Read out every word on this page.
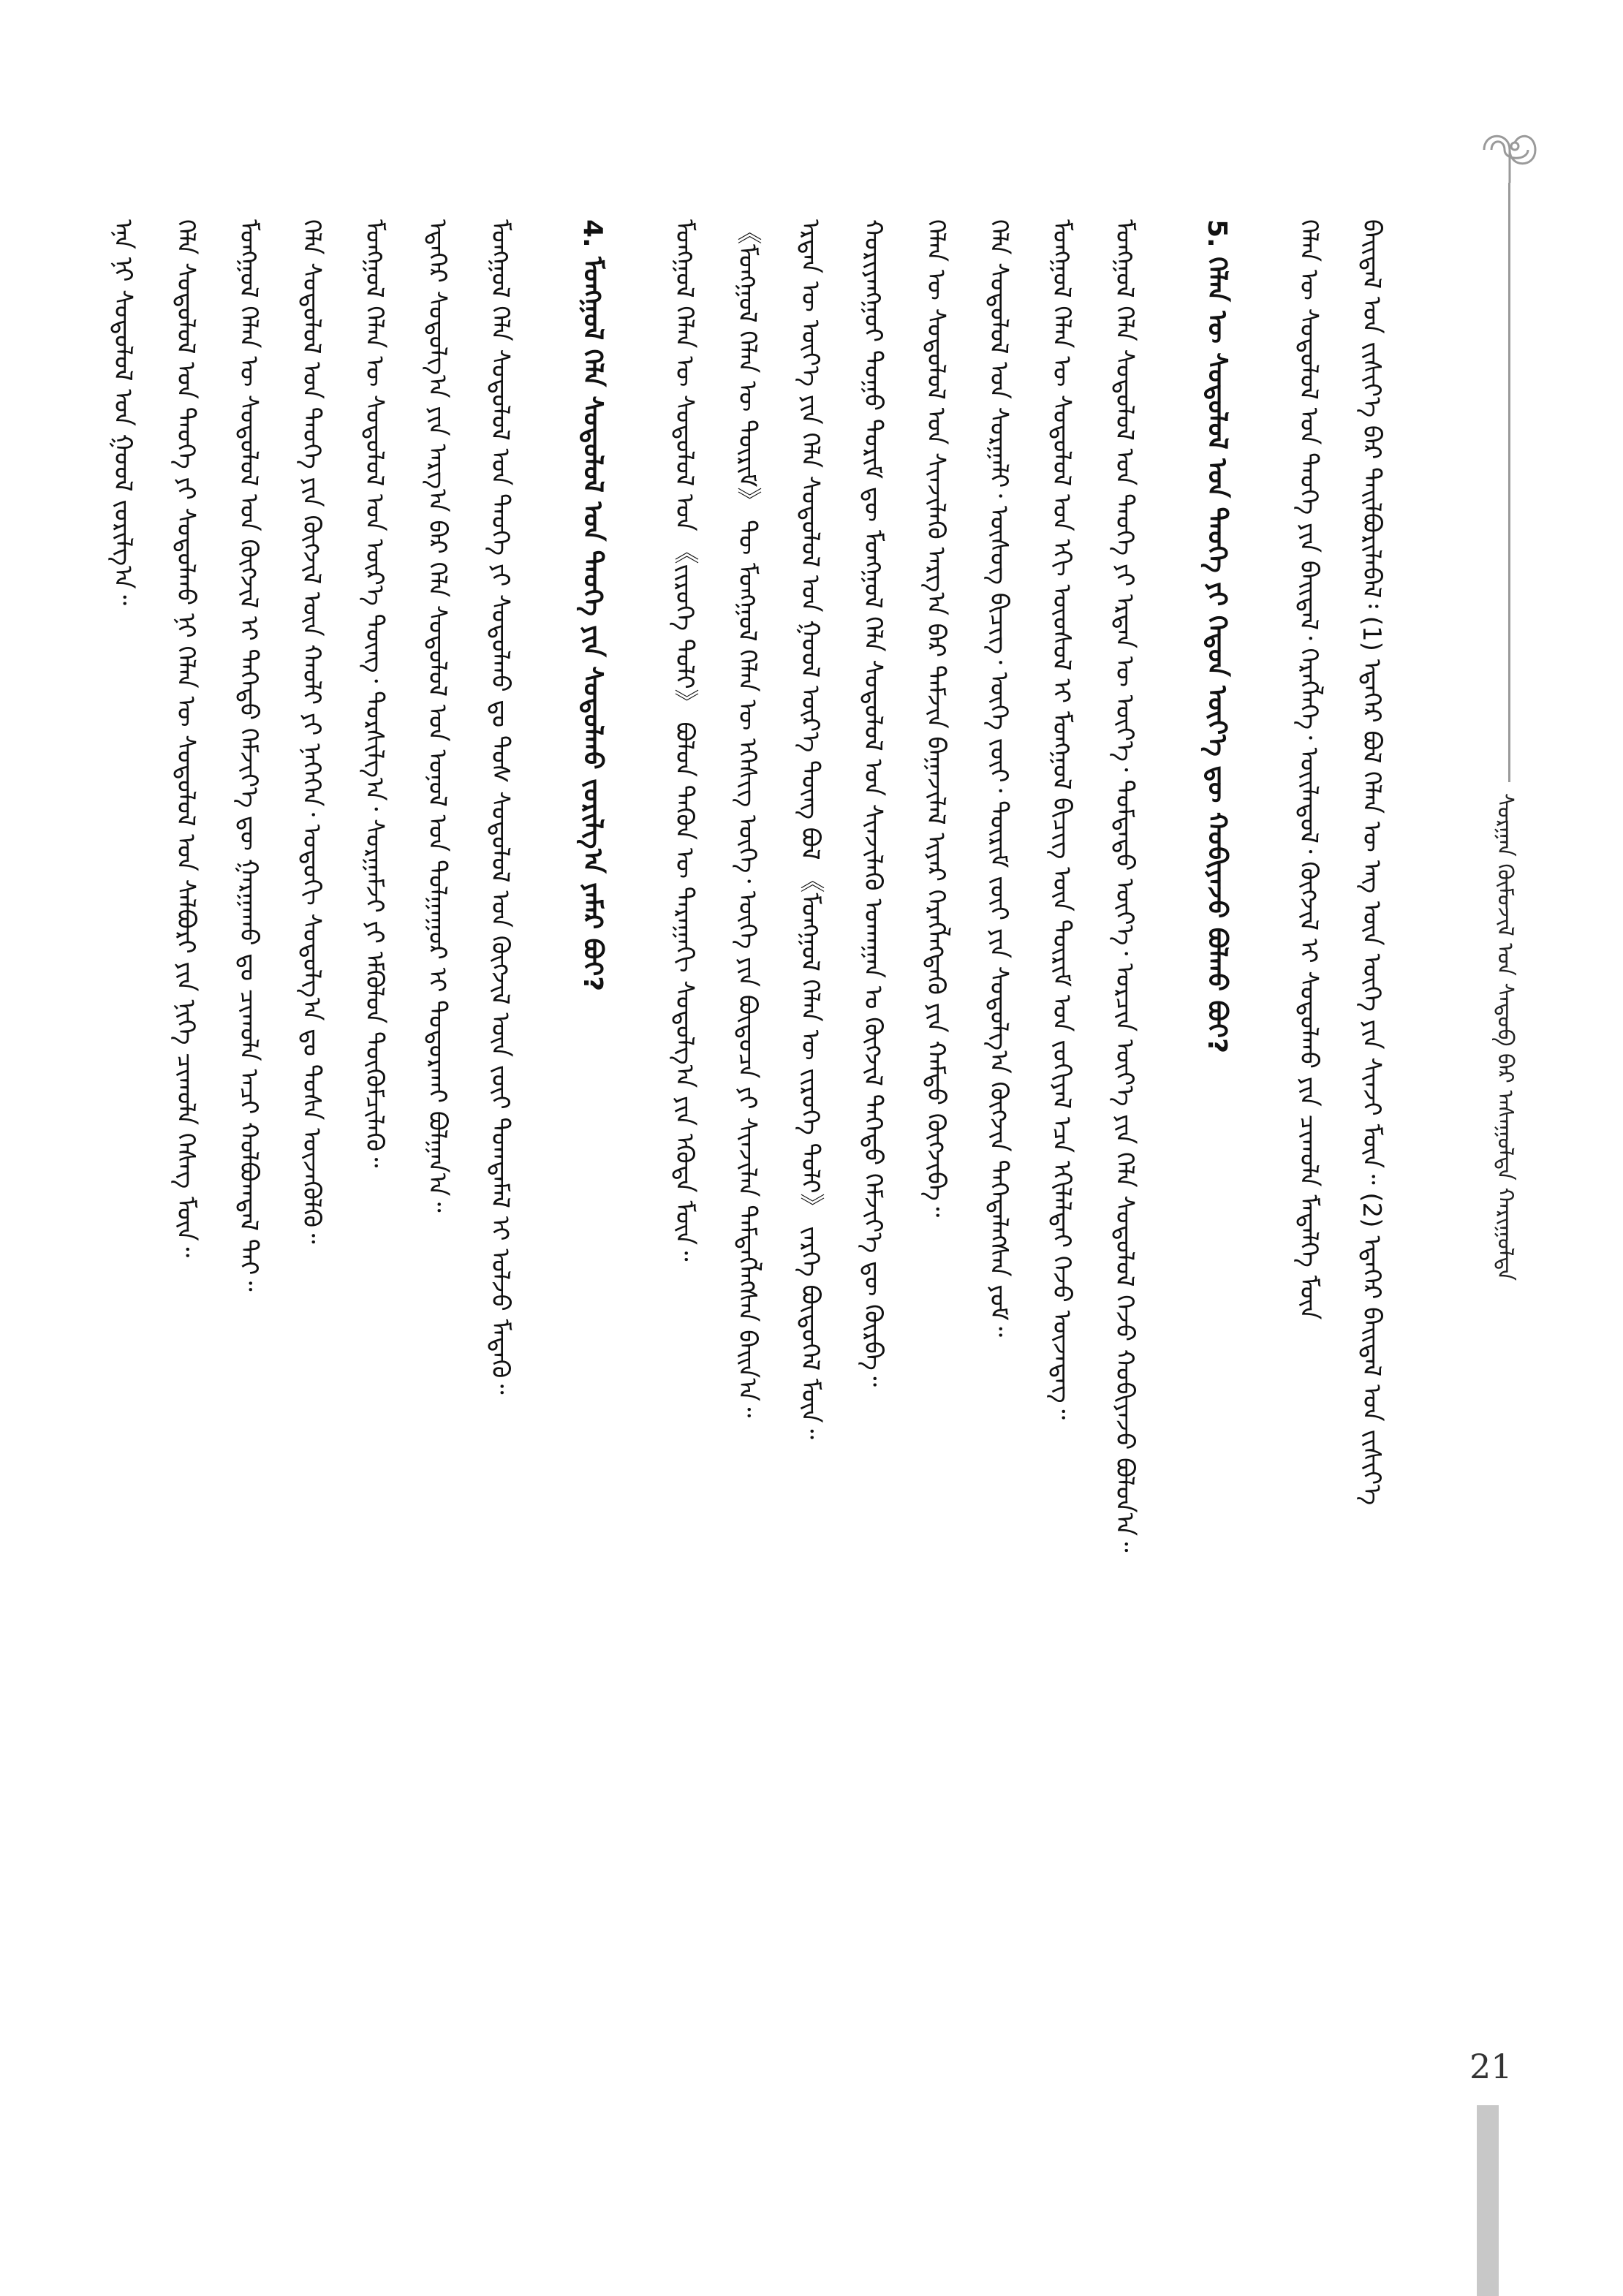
ᠰᠤᠷᠭᠠᠨ ᠬᠦᠮᠦᠵᠢᠯ ᠤᠨ ᠰᠡᠳᠦᠪ ᠪᠡᠷ ᠠᠰᠠᠭᠤᠯᠲᠠ ᠬᠠᠷᠢᠭᠤᠯᠲᠠ
ᠪᠠᠢᠳᠠᠯ ᠤᠨ ᠵᠢᠱᠢᠶ᠎ᠡ ᠪᠠᠷ ᠲᠠᠢᠯᠪᠤᠷᠢᠯᠠᠪᠠᠯ᠄ (1) ᠡᠳᠡᠭᠡᠷ ᠪᠣᠯ ᠬᠡᠯᠡᠨ ᠦ ᠡᠩ ᠦᠨ ᠦᠭᠡ ᠶᠢᠨ ᠰᠢᠨᠵᠢ ᠮᠥᠨ᠃ (2) ᠡᠳᠡᠭᠡᠷ ᠪᠠᠢᠳᠠᠯ ᠤᠨ ᠵᠢᠱᠢᠶ᠎ᠡ
ᠬᠡᠯᠡᠨ ᠦ ᠰᠤᠳᠤᠯᠤᠯ ᠤᠨ ᠲᠡᠦᠬᠡ ᠶᠢᠨ ᠪᠠᠢᠳᠠᠯ᠂ ᠬᠡᠷᠡᠭᠯᠡᠭᠡ᠂ ᠦᠢᠯᠡᠳᠦᠯ᠂ ᠬᠥᠭᠵᠢᠯ ᠢ ᠰᠤᠳᠤᠯᠬᠤ ᠶᠢᠨ ᠴᠢᠬᠤᠯᠠ ᠮᠡᠳᠡᠯᠭᠡ ᠮᠥᠨ
5. ᠬᠡᠯᠡᠨ ᠦ ᠰᠤᠳᠤᠯᠤᠯ ᠤᠨ ᠲᠡᠦᠬᠡ ᠶᠢ ᠬᠡᠳᠦᠨ ᠦᠶ᠎ᠡ ᠳᠦ ᠬᠤᠪᠢᠶᠠᠵᠤ ᠪᠣᠯᠬᠤ ᠪᠤᠢ?
ᠮᠣᠩᠭᠣᠯ ᠬᠡᠯᠡ ᠰᠤᠳᠤᠯᠤᠯ ᠤᠨ ᠲᠡᠦᠬᠡ ᠶᠢ ᠡᠷᠲᠡᠨ ᠦ ᠦᠶ᠎ᠡ᠂ ᠳᠤᠮᠳᠠᠳᠤ ᠦᠶ᠎ᠡ᠂ ᠣᠷᠴᠢᠨ ᠦᠶ᠎ᠡ ᠶᠢᠨ ᠬᠡᠯᠡ ᠰᠤᠳᠤᠯᠤᠯ ᠭᠡᠵᠦ ᠬᠤᠪᠢᠶᠠᠵᠤ ᠪᠣᠯᠤᠨ᠎ᠠ᠃
ᠮᠣᠩᠭᠣᠯ ᠬᠡᠯᠡᠨ ᠦ ᠰᠤᠳᠤᠯᠤᠯ ᠤᠨ ᠡᠬᠢ ᠦᠦᠰᠦᠯ ᠢ ᠮᠣᠩᠭᠣᠯ ᠪᠢᠴᠢᠭ ᠦᠨ ᠳᠦᠷᠢᠮ ᠤᠨ ᠵᠣᠬᠢᠶᠠᠯ ᠡᠴᠡ ᠡᠬᠢᠯᠡᠯᠲᠡᠢ ᠭᠡᠵᠦ ᠦᠵᠡᠳᠡᠭ᠃
ᠬᠡᠯᠡ ᠰᠤᠳᠤᠯᠤᠯ ᠤᠨ ᠰᠤᠷᠭᠠᠯᠢ᠂ ᠦᠰᠦᠭ ᠪᠢᠴᠢᠭ᠂ ᠦᠭᠡ ᠵᠦᠢ᠂ ᠳᠦᠷᠢᠮ ᠵᠦᠢ ᠶᠢᠨ ᠰᠤᠳᠤᠯᠭ᠎ᠠ ᠬᠥᠭᠵᠢᠨ ᠳᠡᠭᠡᠳᠡᠯᠡᠭᠰᠡᠨ ᠶᠤᠮ᠃
ᠬᠡᠯᠡᠨ ᠦ ᠰᠤᠳᠤᠯᠤᠯ ᠤᠨ ᠰᠢᠨᠵᠢᠯᠡᠬᠦ ᠠᠷᠭ᠎ᠠ ᠪᠠᠷ ᠳᠠᠮᠵᠢᠨ ᠪᠠᠭᠠᠵᠢᠯᠠᠯ ᠢᠶᠡᠷ ᠬᠡᠷᠡᠭᠯᠡᠭᠳᠡᠬᠦ ᠶᠢᠨ ᠬᠠᠮᠲᠤ ᠬᠥᠭᠵᠢᠪᠡ᠃
ᠬᠤᠷᠢᠶᠠᠩᠭᠤᠢ ᠳᠤᠭᠤ ᠲᠣᠷᠢᠮ ᠳᠦ ᠮᠣᠩᠭᠣᠯ ᠬᠡᠯᠡ ᠰᠤᠳᠤᠯᠤᠯ ᠤᠨ ᠰᠢᠨᠵᠢᠯᠡᠬᠦ ᠤᠬᠠᠭᠠᠨ ᠤ ᠬᠥᠭᠵᠢᠯ ᠳᠡᠭᠡᠳᠦ ᠬᠡᠮᠵᠢᠶ᠎ᠡ ᠳᠦ ᠬᠦᠷᠪᠡ᠃
ᠡᠷᠲᠡᠨ ᠦ ᠦᠶ᠎ᠡ ᠶᠢᠨ ᠬᠡᠯᠡ ᠰᠤᠳᠤᠯᠤᠯ ᠤᠨ ᠭᠣᠣᠯ ᠦᠷ᠎ᠡ ᠳᠦᠩ ᠪᠣᠯ 《ᠮᠣᠩᠭᠣᠯ ᠬᠡᠯᠡᠨ ᠦ ᠵᠢᠷᠦᠬᠡ ᠲᠣᠯᠢ》 ᠵᠡᠷᠭᠡ ᠪᠦᠲᠦᠭᠡᠯ ᠮᠥᠨ᠃
《ᠮᠣᠩᠭᠣᠯ ᠬᠡᠯᠡᠨ ᠦ ᠳᠦᠷᠢᠮ》 ᠲᠦ ᠮᠣᠩᠭᠣᠯ ᠬᠡᠯᠡᠨ ᠦ ᠡᠭᠡᠰᠢᠭ ᠦᠭᠡ᠂ ᠦᠭᠡ ᠶᠢᠨ ᠪᠦᠲᠦᠴᠡ ᠶᠢ ᠰᠢᠨᠵᠢᠯᠡᠨ ᠲᠡᠮᠳᠡᠭᠯᠡᠭᠰᠡᠨ ᠪᠠᠢᠨ᠎ᠠ᠃
ᠮᠣᠩᠭᠣᠯ ᠬᠡᠯᠡᠨ ᠦ ᠰᠤᠳᠤᠯᠤᠯ ᠤᠨ 《ᠵᠢᠷᠦᠬᠡ ᠲᠣᠯᠢ》 ᠪᠣᠯᠣᠨ ᠲᠡᠭᠦᠨ ᠦ ᠳᠠᠷᠠᠭᠠᠬᠢ ᠰᠤᠳᠤᠯᠭ᠎ᠠ ᠶᠢᠨ ᠡᠭᠦᠳᠡ ᠮᠥᠨ᠃
4. ᠮᠣᠩᠭᠣᠯ ᠬᠡᠯᠡ ᠰᠤᠳᠤᠯᠤᠯ ᠤᠨ ᠲᠡᠦᠬᠡ ᠶᠢᠨ ᠰᠤᠳᠤᠯᠬᠤ ᠵᠣᠷᠢᠯᠭ᠎ᠠ ᠶᠠᠮᠠᠷ ᠪᠤᠢ?
ᠮᠣᠩᠭᠣᠯ ᠬᠡᠯᠡ ᠰᠤᠳᠤᠯᠤᠯ ᠤᠨ ᠲᠡᠦᠬᠡ ᠶᠢ ᠰᠤᠳᠤᠯᠬᠤ ᠳᠤ ᠲᠤᠰ ᠰᠤᠳᠤᠯᠤᠯ ᠤᠨ ᠬᠥᠭᠵᠢᠯ ᠦᠨ ᠵᠦᠢ ᠲᠣᠭᠲᠠᠮᠠᠯ ᠢ ᠣᠯᠵᠤ ᠮᠡᠳᠡᠬᠦ᠃
ᠡᠳᠡᠭᠡᠷ ᠰᠤᠳᠤᠯᠭ᠎ᠠ ᠶᠢᠨ ᠠᠷᠭ᠎ᠠ ᠪᠠᠷ ᠬᠡᠯᠡ ᠰᠤᠳᠤᠯᠤᠯ ᠤᠨ ᠣᠨᠣᠯ ᠤᠨ ᠲᠤᠯᠭᠠᠭᠤᠷ ᠢ ᠲᠣᠳᠤᠷᠬᠠᠢ ᠪᠣᠯᠭᠠᠨ᠎ᠠ᠃
ᠮᠣᠩᠭᠣᠯ ᠬᠡᠯᠡᠨ ᠦ ᠰᠤᠳᠤᠯᠤᠯ ᠤᠨ ᠦᠷ᠎ᠡ ᠳᠦᠩ᠂ ᠲᠤᠷᠰᠢᠯᠭ᠎ᠠ᠂ ᠰᠤᠷᠭᠠᠮᠵᠢ ᠶᠢ ᠡᠮᠬᠦᠯᠦᠨ ᠳᠦᠭᠦᠮᠴᠢᠯᠡᠬᠦ᠃
ᠬᠡᠯᠡ ᠰᠤᠳᠤᠯᠤᠯ ᠤᠨ ᠲᠡᠦᠬᠡ ᠶᠢᠨ ᠬᠥᠭᠵᠢᠯ ᠦᠨ ᠬᠠᠤᠯᠢ ᠶᠢ ᠨᠡᠭᠡᠭᠡᠨ᠂ ᠣᠳᠣᠬᠢ ᠰᠤᠳᠤᠯᠭ᠎ᠠ ᠳᠤ ᠲᠤᠰᠠ ᠦᠵᠡᠭᠦᠯᠬᠦ᠃
ᠮᠣᠩᠭᠣᠯ ᠬᠡᠯᠡᠨ ᠦ ᠰᠤᠳᠤᠯᠤᠯ ᠤᠨ ᠬᠥᠭᠵᠢᠯ ᠢ ᠳᠡᠭᠡᠳᠦ ᠬᠡᠮᠵᠢᠶ᠎ᠡ ᠳᠦ ᠭᠠᠷᠭᠠᠬᠤ ᠳᠤ ᠴᠢᠬᠤᠯᠠ ᠠᠴᠢ ᠬᠣᠯᠪᠣᠭᠳᠠᠯ ᠲᠠᠢ᠃
ᠬᠡᠯᠡ ᠰᠤᠳᠤᠯᠤᠯ ᠤᠨ ᠲᠡᠦᠬᠡ ᠶᠢ ᠰᠤᠳᠤᠯᠬᠤ ᠨᠢ ᠬᠡᠯᠡᠨ ᠦ ᠰᠤᠳᠤᠯᠤᠯ ᠤᠨ ᠰᠠᠯᠪᠤᠷᠢ ᠶᠢᠨ ᠨᠢᠭᠡ ᠴᠢᠬᠤᠯᠠ ᠬᠡᠰᠡᠭ ᠮᠥᠨ᠃
ᠡᠨᠡ ᠨᠢ ᠰᠤᠳᠤᠯᠤᠯ ᠤᠨ ᠭᠣᠣᠯ ᠵᠣᠷᠢᠯᠭ᠎ᠠ᠃
21
